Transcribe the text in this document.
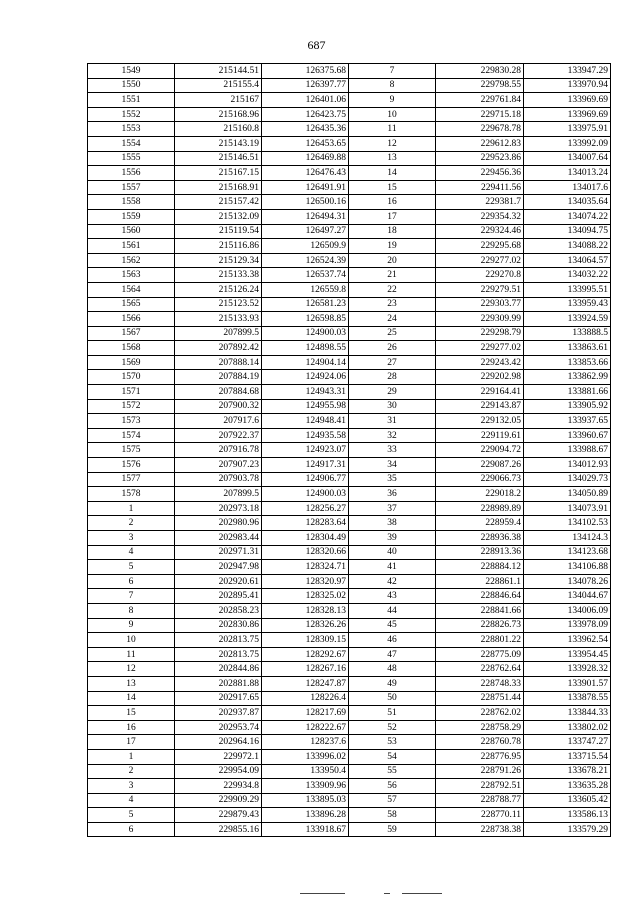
687
1549	215144.51	126375.68	7	229830.28	133947.29
1550	215155.4	126397.77	8	229798.55	133970.94
1551	215167	126401.06	9	229761.84	133969.69
1552	215168.96	126423.75	10	229715.18	133969.69
1553	215160.8	126435.36	11	229678.78	133975.91
1554	215143.19	126453.65	12	229612.83	133992.09
1555	215146.51	126469.88	13	229523.86	134007.64
1556	215167.15	126476.43	14	229456.36	134013.24
1557	215168.91	126491.91	15	229411.56	134017.6
1558	215157.42	126500.16	16	229381.7	134035.64
1559	215132.09	126494.31	17	229354.32	134074.22
1560	215119.54	126497.27	18	229324.46	134094.75
1561	215116.86	126509.9	19	229295.68	134088.22
1562	215129.34	126524.39	20	229277.02	134064.57
1563	215133.38	126537.74	21	229270.8	134032.22
1564	215126.24	126559.8	22	229279.51	133995.51
1565	215123.52	126581.23	23	229303.77	133959.43
1566	215133.93	126598.85	24	229309.99	133924.59
1567	207899.5	124900.03	25	229298.79	133888.5
1568	207892.42	124898.55	26	229277.02	133863.61
1569	207888.14	124904.14	27	229243.42	133853.66
1570	207884.19	124924.06	28	229202.98	133862.99
1571	207884.68	124943.31	29	229164.41	133881.66
1572	207900.32	124955.98	30	229143.87	133905.92
1573	207917.6	124948.41	31	229132.05	133937.65
1574	207922.37	124935.58	32	229119.61	133960.67
1575	207916.78	124923.07	33	229094.72	133988.67
1576	207907.23	124917.31	34	229087.26	134012.93
1577	207903.78	124906.77	35	229066.73	134029.73
1578	207899.5	124900.03	36	229018.2	134050.89
1	202973.18	128256.27	37	228989.89	134073.91
2	202980.96	128283.64	38	228959.4	134102.53
3	202983.44	128304.49	39	228936.38	134124.3
4	202971.31	128320.66	40	228913.36	134123.68
5	202947.98	128324.71	41	228884.12	134106.88
6	202920.61	128320.97	42	228861.1	134078.26
7	202895.41	128325.02	43	228846.64	134044.67
8	202858.23	128328.13	44	228841.66	134006.09
9	202830.86	128326.26	45	228826.73	133978.09
10	202813.75	128309.15	46	228801.22	133962.54
11	202813.75	128292.67	47	228775.09	133954.45
12	202844.86	128267.16	48	228762.64	133928.32
13	202881.88	128247.87	49	228748.33	133901.57
14	202917.65	128226.4	50	228751.44	133878.55
15	202937.87	128217.69	51	228762.02	133844.33
16	202953.74	128222.67	52	228758.29	133802.02
17	202964.16	128237.6	53	228760.78	133747.27
1	229972.1	133996.02	54	228776.95	133715.54
2	229954.09	133950.4	55	228791.26	133678.21
3	229934.8	133909.96	56	228792.51	133635.28
4	229909.29	133895.03	57	228788.77	133605.42
5	229879.43	133896.28	58	228770.11	133586.13
6	229855.16	133918.67	59	228738.38	133579.29
